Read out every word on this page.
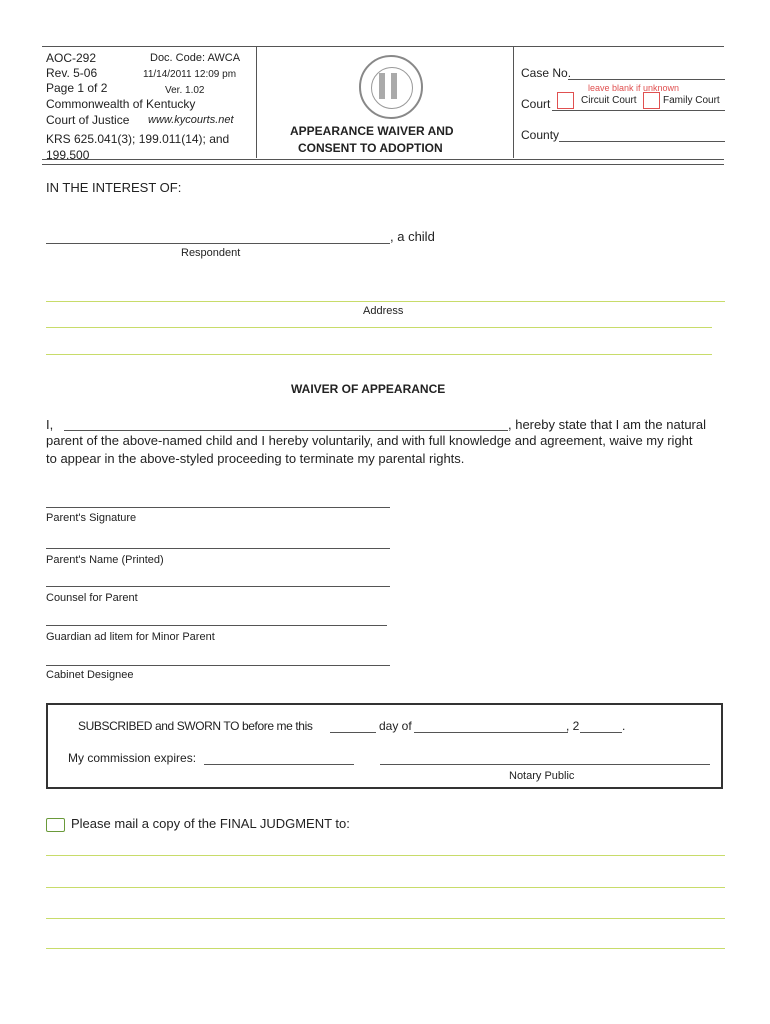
AOC-292	Doc. Code: AWCA
Rev. 5-06	11/14/2011 12:09 pm
Page 1 of 2	Ver. 1.02
Commonwealth of Kentucky
Court of Justice www.kycourts.net
KRS 625.041(3); 199.011(14); and
199.500
APPEARANCE WAIVER AND
CONSENT TO ADOPTION
Case No.
leave blank if unknown
Court	Circuit Court	Family Court
County
IN THE INTEREST OF:
, a child
Respondent
Address
WAIVER OF APPEARANCE
I,	, hereby state that I am the natural
parent of the above-named child and I hereby voluntarily, and with full knowledge and agreement, waive my right
to appear in the above-styled proceeding to terminate my parental rights.
Parent's Signature
Parent's Name (Printed)
Counsel for Parent
Guardian ad litem for Minor Parent
Cabinet Designee
SUBSCRIBED and SWORN TO before me this	day of	, 2	.
My commission expires:
Notary Public
Please mail a copy of the FINAL JUDGMENT to:
